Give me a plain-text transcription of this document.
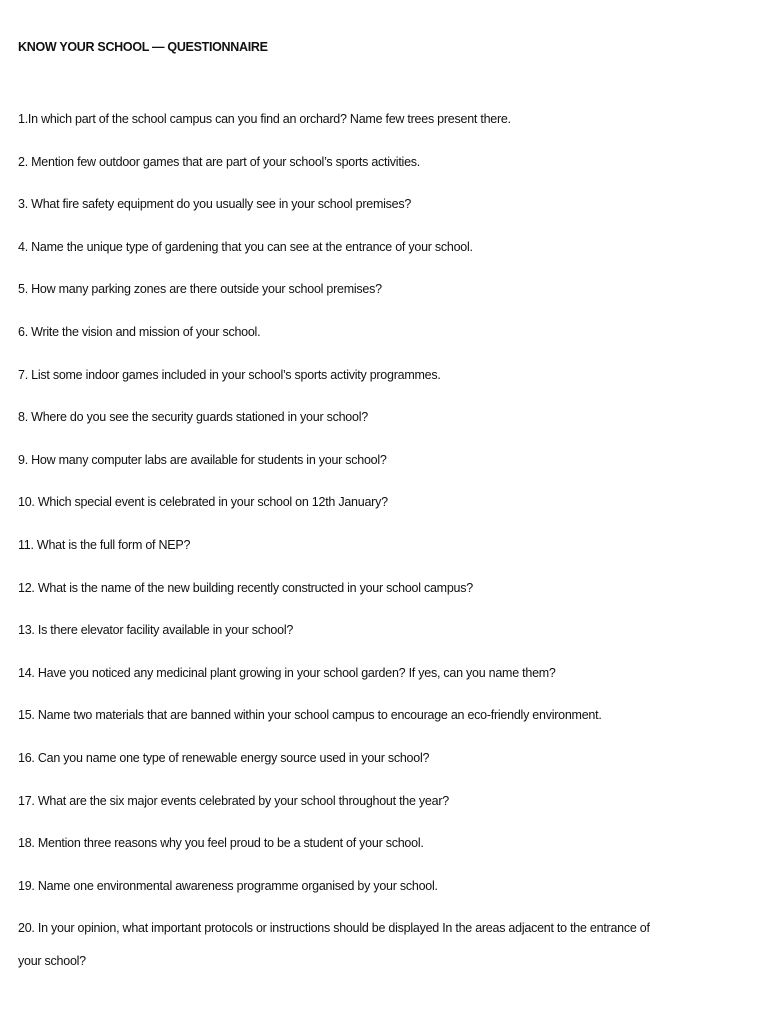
KNOW YOUR SCHOOL — QUESTIONNAIRE
1.In which part of the school campus can you find an orchard? Name few trees present there.
2. Mention few outdoor games that are part of your school’s sports activities.
3. What fire safety equipment do you usually see in your school premises?
4. Name the unique type of gardening that you can see at the entrance of your school.
5. How many parking zones are there outside your school premises?
6. Write the vision and mission of your school.
7. List some indoor games included in your school’s sports activity programmes.
8. Where do you see the security guards stationed in your school?
9. How many computer labs are available for students in your school?
10. Which special event is celebrated in your school on 12th January?
11. What is the full form of NEP?
12. What is the name of the new building recently constructed in your school campus?
13. Is there elevator facility available in your school?
14. Have you noticed any medicinal plant growing in your school garden? If yes, can you name them?
15. Name two materials that are banned within your school campus to encourage an eco-friendly environment.
16. Can you name one type of renewable energy source used in your school?
17. What are the six major events celebrated by your school throughout the year?
18. Mention three reasons why you feel proud to be a student of your school.
19. Name one environmental awareness programme organised by your school.
20. In your opinion, what important protocols or instructions should be displayed In the areas adjacent to the entrance of your school?
